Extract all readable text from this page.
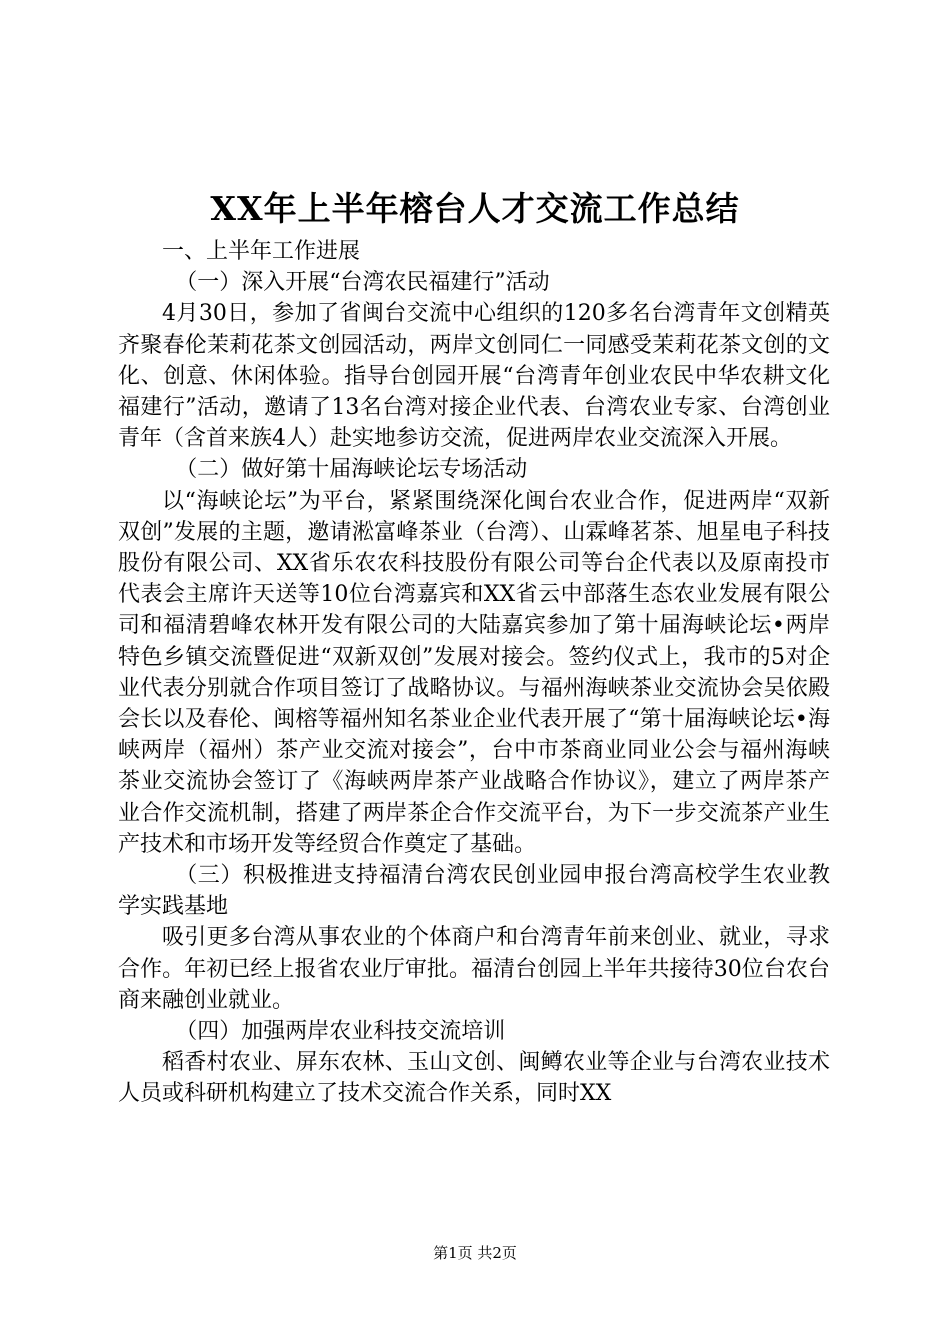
XX年上半年榕台人才交流工作总结

一、上半年工作进展

（一）深入开展“台湾农民福建行”活动

4月30日，参加了省闽台交流中心组织的120多名台湾青年文创精英齐聚春伦茉莉花茶文创园活动，两岸文创同仁一同感受茉莉花茶文创的文化、创意、休闲体验。指导台创园开展“台湾青年创业农民中华农耕文化福建行”活动，邀请了13名台湾对接企业代表、台湾农业专家、台湾创业青年（含首来族4人）赴实地参访交流，促进两岸农业交流深入开展。

（二）做好第十届海峡论坛专场活动

以“海峡论坛”为平台，紧紧围绕深化闽台农业合作，促进两岸“双新双创”发展的主题，邀请淞富峰茶业（台湾）、山霖峰茗茶、旭星电子科技股份有限公司、XX省乐农农科技股份有限公司等台企代表以及原南投市代表会主席许天送等10位台湾嘉宾和XX省云中部落生态农业发展有限公司和福清碧峰农林开发有限公司的大陆嘉宾参加了第十届海峡论坛•两岸特色乡镇交流暨促进“双新双创”发展对接会。签约仪式上，我市的5对企业代表分别就合作项目签订了战略协议。与福州海峡茶业交流协会吴依殿会长以及春伦、闽榕等福州知名茶业企业代表开展了“第十届海峡论坛•海峡两岸（福州）茶产业交流对接会”，台中市茶商业同业公会与福州海峡茶业交流协会签订了《海峡两岸茶产业战略合作协议》，建立了两岸茶产业合作交流机制，搭建了两岸茶企合作交流平台，为下一步交流茶产业生产技术和市场开发等经贸合作奠定了基础。

（三）积极推进支持福清台湾农民创业园申报台湾高校学生农业教学实践基地

吸引更多台湾从事农业的个体商户和台湾青年前来创业、就业，寻求合作。年初已经上报省农业厅审批。福清台创园上半年共接待30位台农台商来融创业就业。

（四）加强两岸农业科技交流培训

稻香村农业、屏东农林、玉山文创、闽鳟农业等企业与台湾农业技术人员或科研机构建立了技术交流合作关系，同时XX

第1页 共2页
